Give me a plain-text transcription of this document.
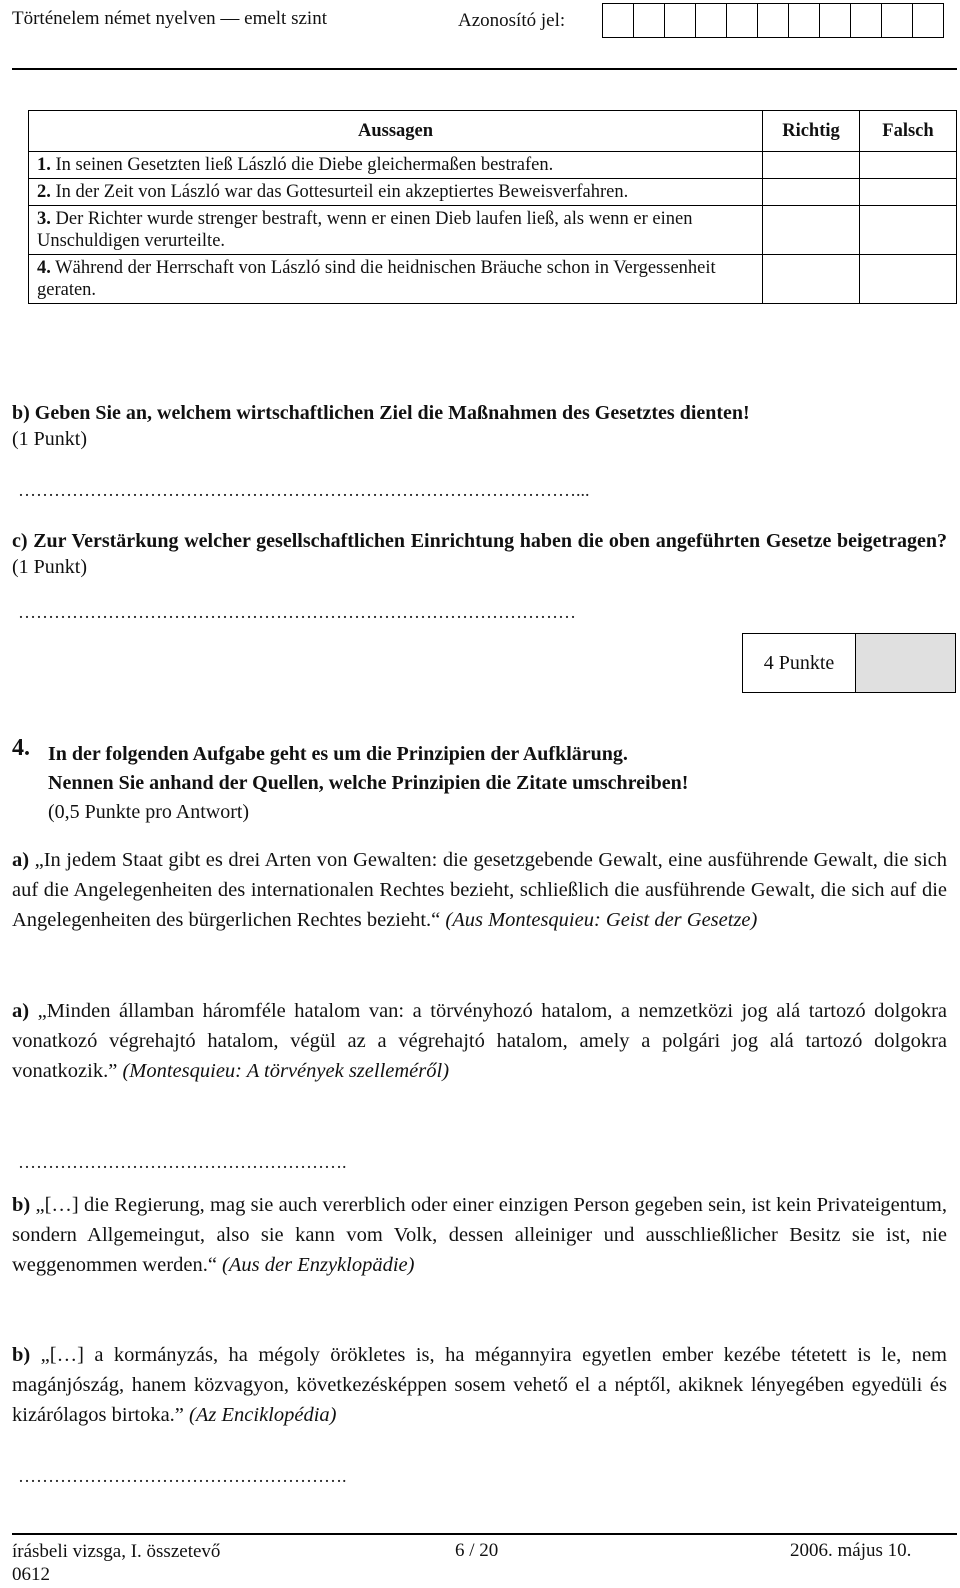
Történelem német nyelven — emelt szint	Azonosító jel:
Aussagen	Richtig	Falsch
1. In seinen Gesetzten ließ László die Diebe gleichermaßen bestrafen.		
2. In der Zeit von László war das Gottesurteil ein akzeptiertes Beweisverfahren.		
3. Der Richter wurde strenger bestraft, wenn er einen Dieb laufen ließ, als wenn er einen Unschuldigen verurteilte.		
4. Während der Herrschaft von László sind die heidnischen Bräuche schon in Vergessenheit geraten.		
b) Geben Sie an, welchem wirtschaftlichen Ziel die Maßnahmen des Gesetztes dienten!
(1 Punkt)
…………………………………………………………………………………...
c) Zur Verstärkung welcher gesellschaftlichen Einrichtung haben die oben angeführten Gesetze beigetragen? (1 Punkt)
…………………………………………………………………………………
4 Punkte
4. In der folgenden Aufgabe geht es um die Prinzipien der Aufklärung.
Nennen Sie anhand der Quellen, welche Prinzipien die Zitate umschreiben!
(0,5 Punkte pro Antwort)
a) „In jedem Staat gibt es drei Arten von Gewalten: die gesetzgebende Gewalt, eine ausführende Gewalt, die sich auf die Angelegenheiten des internationalen Rechtes bezieht, schließlich die ausführende Gewalt, die sich auf die Angelegenheiten des bürgerlichen Rechtes bezieht.“ (Aus Montesquieu: Geist der Gesetze)
a) „Minden államban háromféle hatalom van: a törvényhozó hatalom, a nemzetközi jog alá tartozó dolgokra vonatkozó végrehajtó hatalom, végül az a végrehajtó hatalom, amely a polgári jog alá tartozó dolgokra vonatkozik.” (Montesquieu: A törvények szelleméről)
……………………………………………….
b) „[…] die Regierung, mag sie auch vererblich oder einer einzigen Person gegeben sein, ist kein Privateigentum, sondern Allgemeingut, also sie kann vom Volk, dessen alleiniger und ausschließlicher Besitz sie ist, nie weggenommen werden.“ (Aus der Enzyklopädie)
b) „[…] a kormányzás, ha mégoly örökletes is, ha mégannyira egyetlen ember kezébe tétetett is le, nem magánjószág, hanem közvagyon, következésképpen sosem vehető el a néptől, akiknek lényegében egyedüli és kizárólagos birtoka.” (Az Enciklopédia)
……………………………………………….
írásbeli vizsga, I. összetevő
0612
6 / 20	2006. május 10.
